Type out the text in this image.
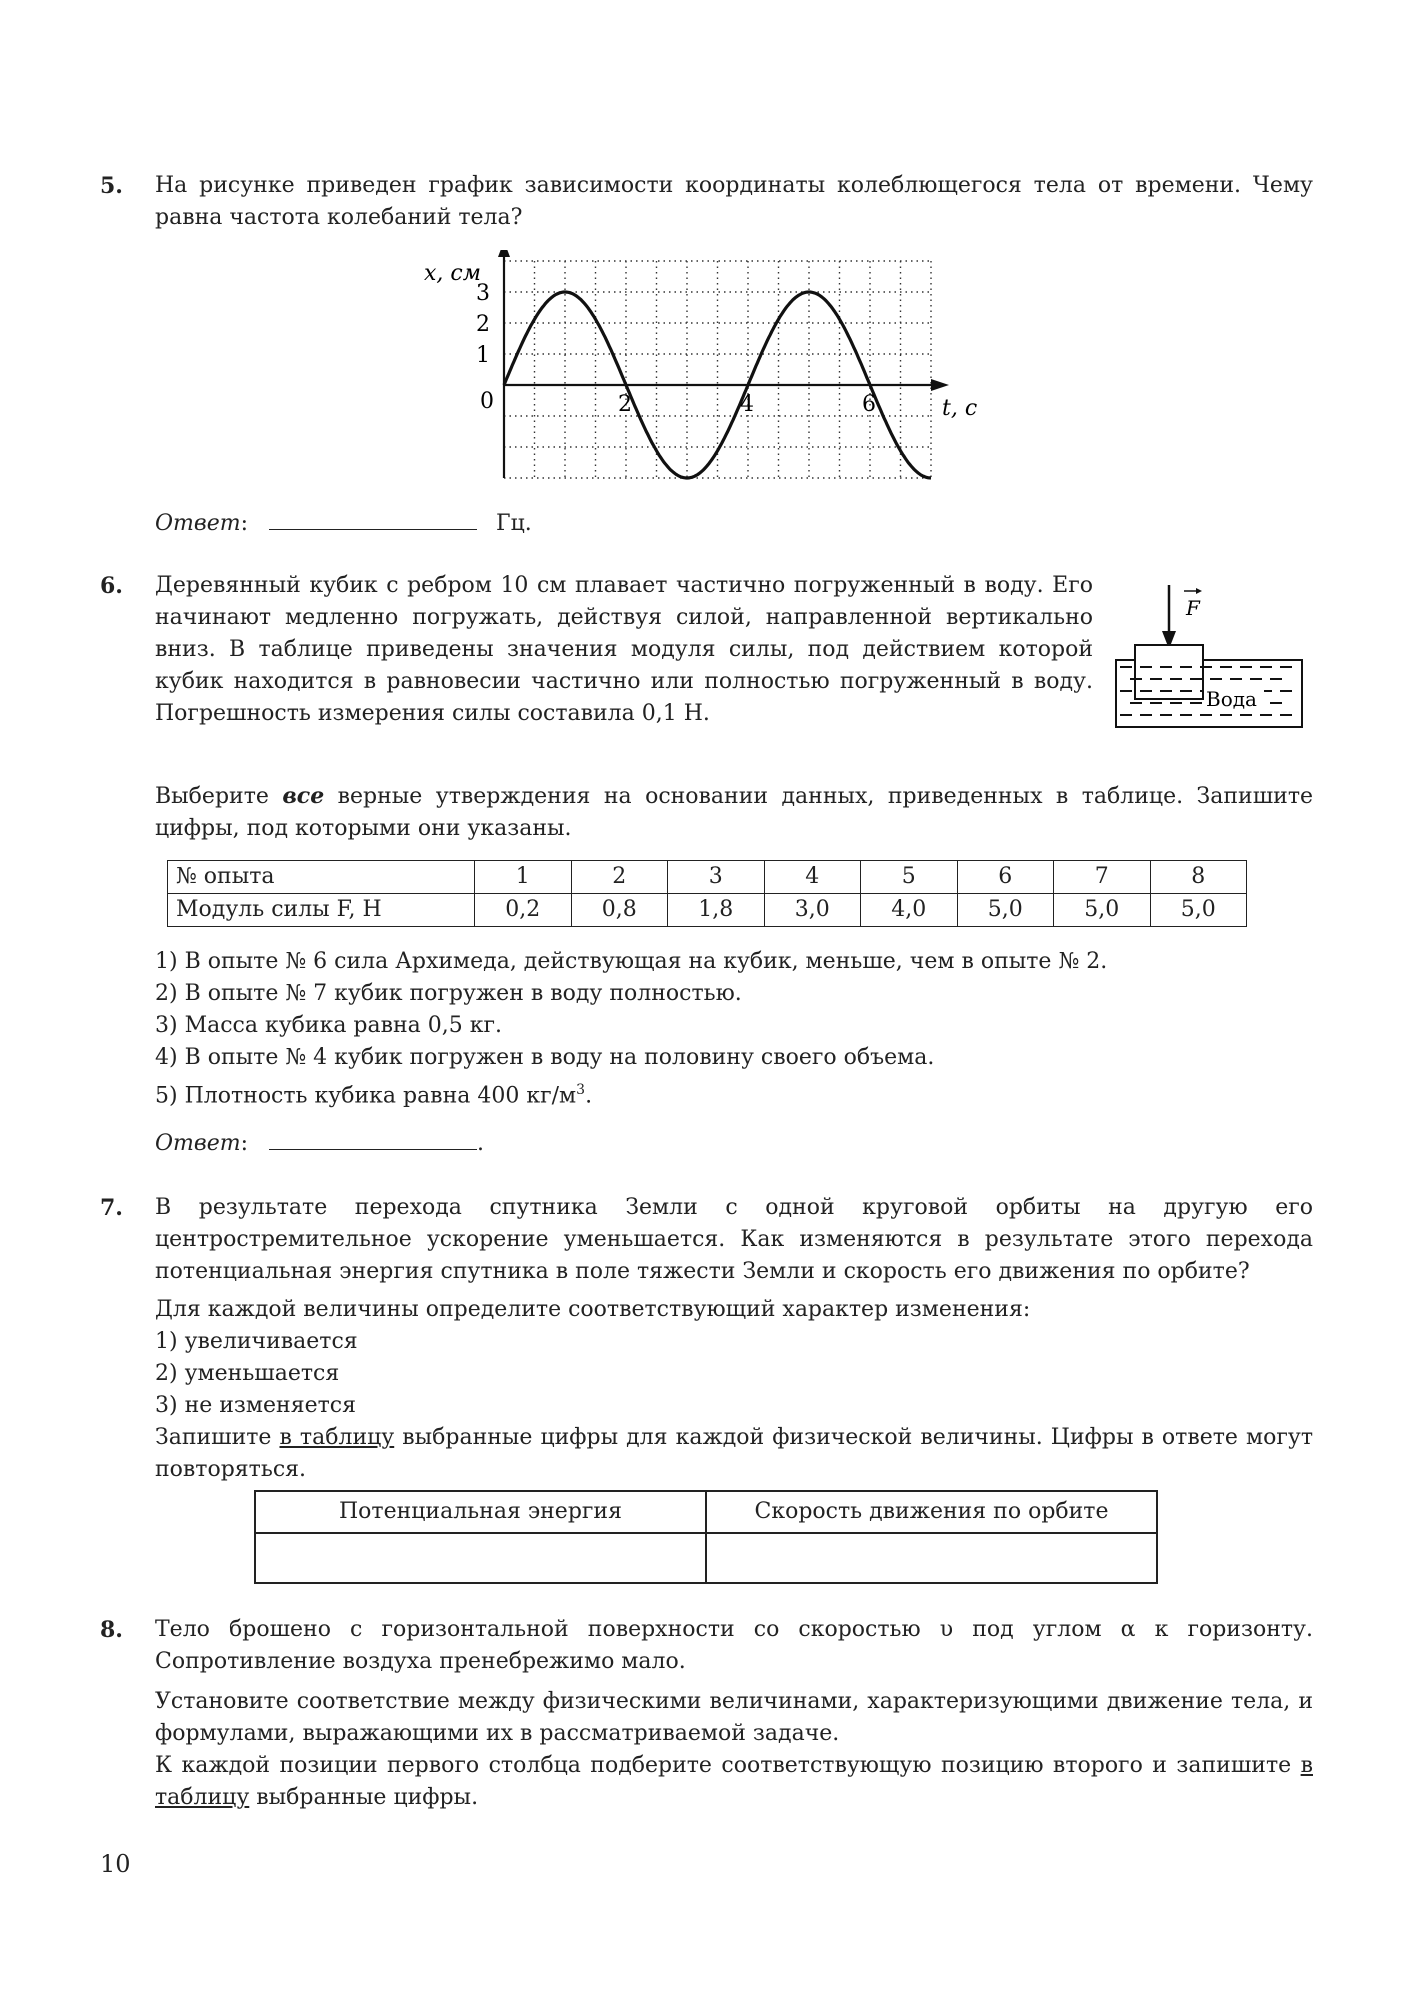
5. На рисунке приведен график зависимости координаты колеблющегося тела от времени. Чему равна частота колебаний тела?

x, см
t, с
0
3
2
1
2	4	6
Ответ:	Гц.
6. Деревянный кубик с ребром 10 см плавает частично погруженный в воду. Его начинают медленно погружать, действуя силой, направленной вертикально вниз. В таблице приведены значения модуля силы, под действием которой кубик находится в равновесии частично или полностью погруженный в воду. Погрешность измерения силы составила 0,1 Н.

F
Вода

Выберите все верные утверждения на основании данных, приведенных в таблице. Запишите цифры, под которыми они указаны.

№ опыта	1	2	3	4	5	6	7	8
Модуль силы F, Н	0,2	0,8	1,8	3,0	4,0	5,0	5,0	5,0
1) В опыте № 6 сила Архимеда, действующая на кубик, меньше, чем в опыте № 2.
2) В опыте № 7 кубик погружен в воду полностью.
3) Масса кубика равна 0,5 кг.
4) В опыте № 4 кубик погружен в воду на половину своего объема.
5) Плотность кубика равна 400 $кг/м^3$.
Ответ:	.
7. В результате перехода спутника Земли с одной круговой орбиты на другую его центростремительное ускорение уменьшается. Как изменяются в результате этого перехода потенциальная энергия спутника в поле тяжести Земли и скорость его движения по орбите?

Для каждой величины определите соответствующий характер изменения:

1) увеличивается
2) уменьшается
3) не изменяется

Запишите в таблицу выбранные цифры для каждой физической величины. Цифры в ответе могут повторяться.

Потенциальная энергия	Скорость движения по орбите

8. Тело брошено с горизонтальной поверхности со скоростью υ под углом α к горизонту. Сопротивление воздуха пренебрежимо мало.

Установите соответствие между физическими величинами, характеризующими движение тела, и формулами, выражающими их в рассматриваемой задаче.

К каждой позиции первого столбца подберите соответствующую позицию второго и запишите в таблицу выбранные цифры.

10
